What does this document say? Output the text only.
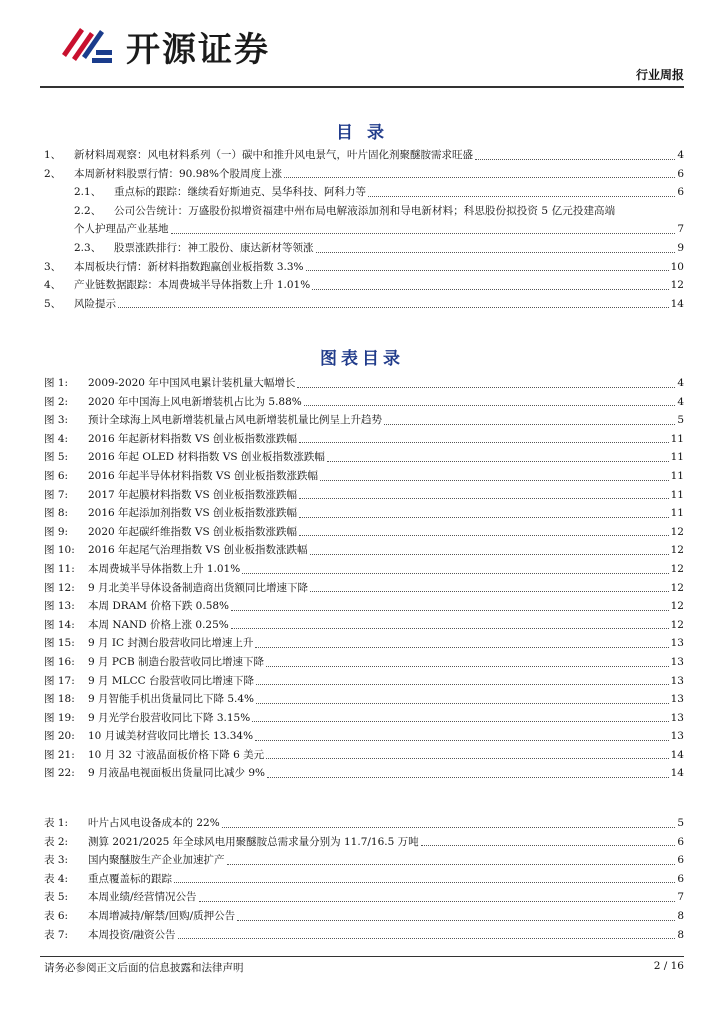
开源证券
行业周报
目 录
1、	新材料周观察：风电材料系列（一）碳中和推升风电景气，叶片固化剂聚醚胺需求旺盛	4
2、	本周新材料股票行情：90.98%个股周度上涨	6
2.1、	重点标的跟踪：继续看好斯迪克、昊华科技、阿科力等	6
2.2、	公司公告统计：万盛股份拟增资福建中州布局电解液添加剂和导电新材料；科思股份拟投资 5 亿元投建高端
个人护理品产业基地	7
2.3、	股票涨跌排行：神工股份、康达新材等领涨	9
3、	本周板块行情：新材料指数跑赢创业板指数 3.3%	10
4、	产业链数据跟踪：本周费城半导体指数上升 1.01%	12
5、	风险提示	14
图表目录
图 1:	2009-2020 年中国风电累计装机量大幅增长	4
图 2:	2020 年中国海上风电新增装机占比为 5.88%	4
图 3:	预计全球海上风电新增装机量占风电新增装机量比例呈上升趋势	5
图 4:	2016 年起新材料指数 VS 创业板指数涨跌幅	11
图 5:	2016 年起 OLED 材料指数 VS 创业板指数涨跌幅	11
图 6:	2016 年起半导体材料指数 VS 创业板指数涨跌幅	11
图 7:	2017 年起膜材料指数 VS 创业板指数涨跌幅	11
图 8:	2016 年起添加剂指数 VS 创业板指数涨跌幅	11
图 9:	2020 年起碳纤维指数 VS 创业板指数涨跌幅	12
图 10:	2016 年起尾气治理指数 VS 创业板指数涨跌幅	12
图 11:	本周费城半导体指数上升 1.01%	12
图 12:	9 月北美半导体设备制造商出货额同比增速下降	12
图 13:	本周 DRAM 价格下跌 0.58%	12
图 14:	本周 NAND 价格上涨 0.25%	12
图 15:	9 月 IC 封测台股营收同比增速上升	13
图 16:	9 月 PCB 制造台股营收同比增速下降	13
图 17:	9 月 MLCC 台股营收同比增速下降	13
图 18:	9 月智能手机出货量同比下降 5.4%	13
图 19:	9 月光学台股营收同比下降 3.15%	13
图 20:	10 月诚美材营收同比增长 13.34%	13
图 21:	10 月 32 寸液晶面板价格下降 6 美元	14
图 22:	9 月液晶电视面板出货量同比减少 9%	14
表 1:	叶片占风电设备成本的 22%	5
表 2:	测算 2021/2025 年全球风电用聚醚胺总需求量分别为 11.7/16.5 万吨	6
表 3:	国内聚醚胺生产企业加速扩产	6
表 4:	重点覆盖标的跟踪	6
表 5:	本周业绩/经营情况公告	7
表 6:	本周增减持/解禁/回购/质押公告	8
表 7:	本周投资/融资公告	8
请务必参阅正文后面的信息披露和法律声明	2 / 16
